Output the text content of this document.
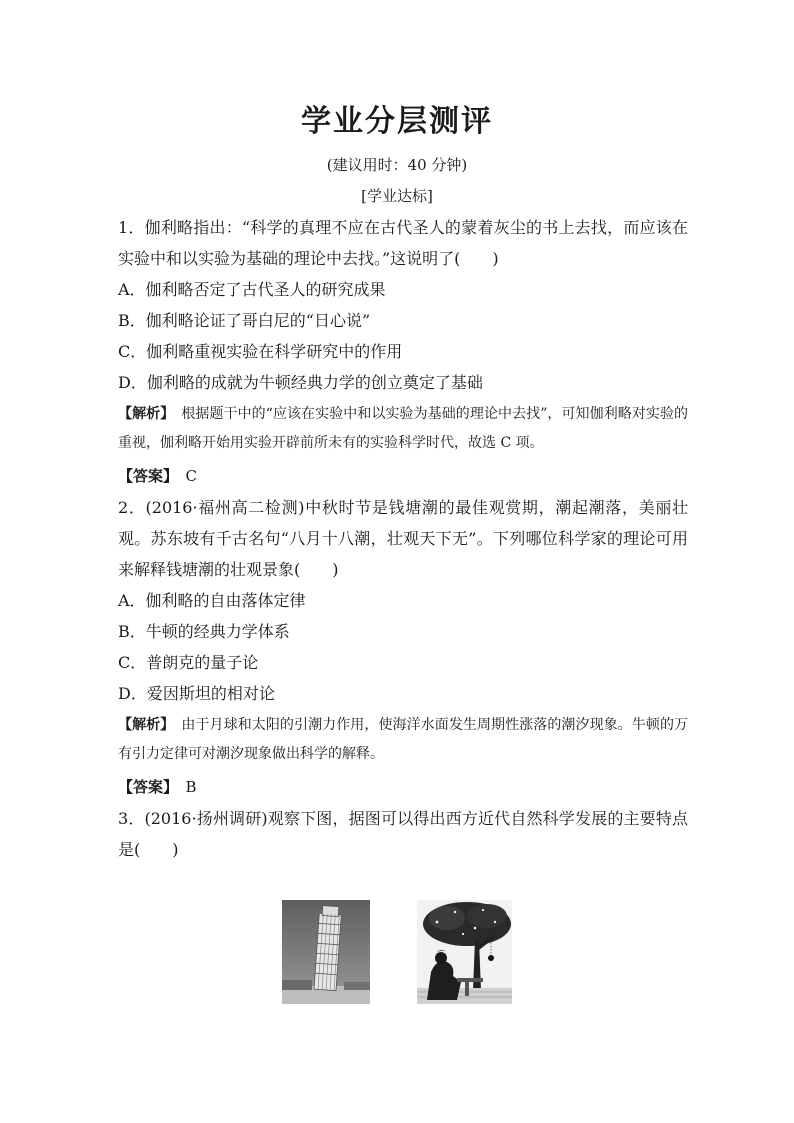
学业分层测评
(建议用时：40 分钟)
[学业达标]
1．伽利略指出：“科学的真理不应在古代圣人的蒙着灰尘的书上去找，而应该在实验中和以实验为基础的理论中去找。”这说明了(　　)
A．伽利略否定了古代圣人的研究成果
B．伽利略论证了哥白尼的“日心说”
C．伽利略重视实验在科学研究中的作用
D．伽利略的成就为牛顿经典力学的创立奠定了基础
【解析】　 根据题干中的“应该在实验中和以实验为基础的理论中去找”，可知伽利略对实验的重视，伽利略开始用实验开辟前所未有的实验科学时代，故选 C 项。
【答案】　 C
2．(2016·福州高二检测)中秋时节是钱塘潮的最佳观赏期，潮起潮落，美丽壮观。苏东坡有千古名句“八月十八潮，壮观天下无”。下列哪位科学家的理论可用来解释钱塘潮的壮观景象(　　)
A．伽利略的自由落体定律
B．牛顿的经典力学体系
C．普朗克的量子论
D．爱因斯坦的相对论
【解析】　 由于月球和太阳的引潮力作用，使海洋水面发生周期性涨落的潮汐现象。牛顿的万有引力定律可对潮汐现象做出科学的解释。
【答案】　 B
3．(2016·扬州调研)观察下图，据图可以得出西方近代自然科学发展的主要特点是(　　)
